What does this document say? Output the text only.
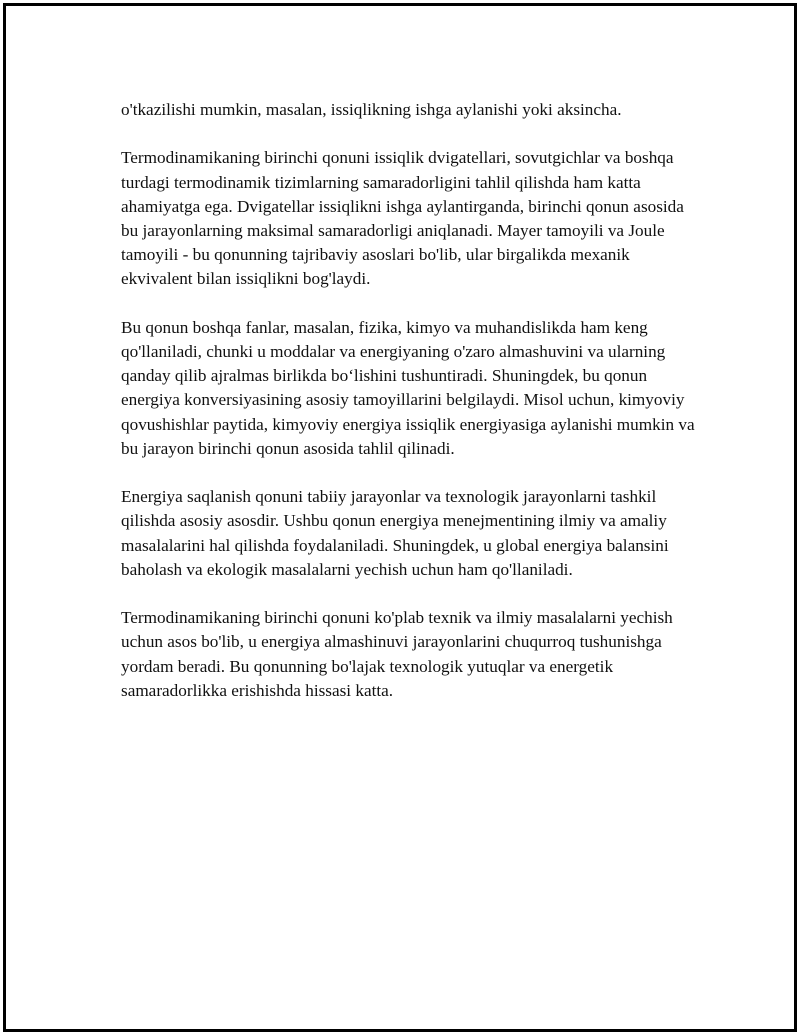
o'tkazilishi mumkin, masalan, issiqlikning ishga aylanishi yoki aksincha.

Termodinamikaning birinchi qonuni issiqlik dvigatellari, sovutgichlar va boshqa turdagi termodinamik tizimlarning samaradorligini tahlil qilishda ham katta ahamiyatga ega. Dvigatellar issiqlikni ishga aylantirganda, birinchi qonun asosida bu jarayonlarning maksimal samaradorligi aniqlanadi. Mayer tamoyili va Joule tamoyili - bu qonunning tajribaviy asoslari bo'lib, ular birgalikda mexanik ekvivalent bilan issiqlikni bog'laydi.

Bu qonun boshqa fanlar, masalan, fizika, kimyo va muhandislikda ham keng qo'llaniladi, chunki u moddalar va energiyaning o'zaro almashuvini va ularning qanday qilib ajralmas birlikda bo‘lishini tushuntiradi. Shuningdek, bu qonun energiya konversiyasining asosiy tamoyillarini belgilaydi. Misol uchun, kimyoviy qovushishlar paytida, kimyoviy energiya issiqlik energiyasiga aylanishi mumkin va bu jarayon birinchi qonun asosida tahlil qilinadi.

Energiya saqlanish qonuni tabiiy jarayonlar va texnologik jarayonlarni tashkil qilishda asosiy asosdir. Ushbu qonun energiya menejmentining ilmiy va amaliy masalalarini hal qilishda foydalaniladi. Shuningdek, u global energiya balansini baholash va ekologik masalalarni yechish uchun ham qo'llaniladi.

Termodinamikaning birinchi qonuni ko'plab texnik va ilmiy masalalarni yechish uchun asos bo'lib, u energiya almashinuvi jarayonlarini chuqurroq tushunishga yordam beradi. Bu qonunning bo'lajak texnologik yutuqlar va energetik samaradorlikka erishishda hissasi katta.
